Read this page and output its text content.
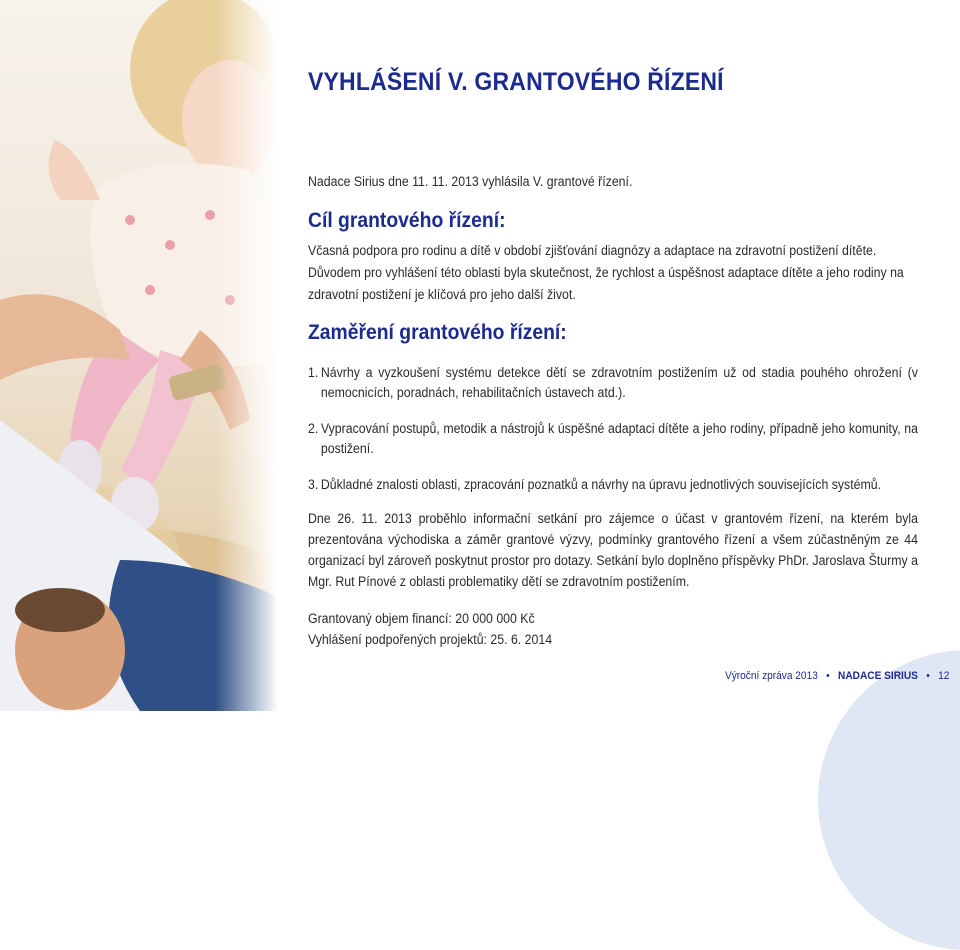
VYHLÁŠENÍ V. GRANTOVÉHO ŘÍZENÍ

Nadace Sirius dne 11. 11. 2013 vyhlásila V. grantové řízení.

Cíl grantového řízení:

Včasná podpora pro rodinu a dítě v období zjišťování diagnózy a adaptace na zdravotní postižení dítěte. Důvodem pro vyhlášení této oblasti byla skutečnost, že rychlost a úspěšnost adaptace dítěte a jeho rodiny na zdravotní postižení je klíčová pro jeho další život.

Zaměření grantového řízení:
1. Návrhy a vyzkoušení systému detekce dětí se zdravotním postižením už od stadia pouhého ohrožení (v nemocnicích, poradnách, rehabilitačních ústavech atd.).
2. Vypracování postupů, metodik a nástrojů k úspěšné adaptaci dítěte a jeho rodiny, případně jeho komunity, na postižení.
3. Důkladné znalosti oblasti, zpracování poznatků a návrhy na úpravu jednotlivých souvisejících systémů.

Dne 26. 11. 2013 proběhlo informační setkání pro zájemce o účast v grantovém řízení, na kterém byla prezentována východiska a záměr grantové výzvy, podmínky grantového řízení a všem zúčastněným ze 44 organizací byl zároveň poskytnut prostor pro dotazy. Setkání bylo doplněno příspěvky PhDr. Jaroslava Šturmy a Mgr. Rut Pínové z oblasti problematiky dětí se zdravotním postižením.

Grantovaný objem financí: 20 000 000 Kč
Vyhlášení podpořených projektů: 25. 6. 2014

Výroční zpráva 2013 • NADACE SIRIUS • 12
